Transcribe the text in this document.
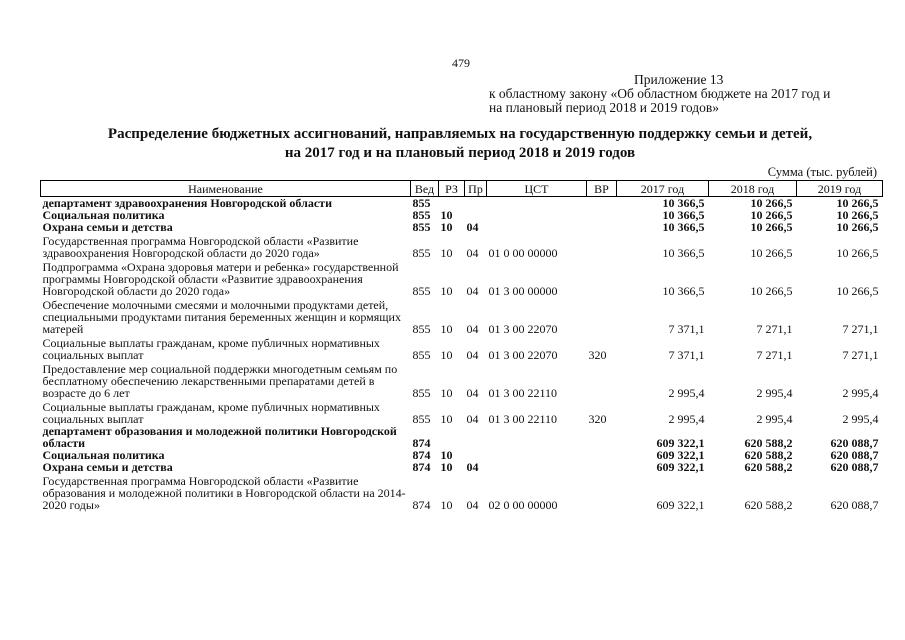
479
Приложение 13
к областному закону «Об областном бюджете на 2017 год и
на плановый период 2018 и 2019 годов»
Распределение бюджетных ассигнований, направляемых на государственную поддержку семьи и детей,
на 2017 год и на плановый период 2018 и 2019 годов
Сумма (тыс. рублей)
Наименование	Вед	РЗ	Пр	ЦСТ	ВР	2017 год	2018 год	2019 год
департамент здравоохранения Новгородской области	855					10 366,5	10 266,5	10 266,5
Социальная политика	855	10				10 366,5	10 266,5	10 266,5
Охрана семьи и детства	855	10	04			10 366,5	10 266,5	10 266,5
Государственная программа Новгородской области «Развитие здравоохранения Новгородской области до 2020 года»	855	10	04	01 0 00 00000		10 366,5	10 266,5	10 266,5
Подпрограмма «Охрана здоровья матери и ребенка» государственной программы Новгородской области «Развитие здравоохранения Новгородской области до 2020 года»	855	10	04	01 3 00 00000		10 366,5	10 266,5	10 266,5
Обеспечение молочными смесями и молочными продуктами детей, специальными продуктами питания беременных женщин и кормящих матерей	855	10	04	01 3 00 22070		7 371,1	7 271,1	7 271,1
Социальные выплаты гражданам, кроме публичных нормативных социальных выплат	855	10	04	01 3 00 22070	320	7 371,1	7 271,1	7 271,1
Предоставление мер социальной поддержки многодетным семьям по бесплатному обеспечению лекарственными препаратами детей в возрасте до 6 лет	855	10	04	01 3 00 22110		2 995,4	2 995,4	2 995,4
Социальные выплаты гражданам, кроме публичных нормативных социальных выплат	855	10	04	01 3 00 22110	320	2 995,4	2 995,4	2 995,4
департамент образования и молодежной политики Новгородской области	874					609 322,1	620 588,2	620 088,7
Социальная политика	874	10				609 322,1	620 588,2	620 088,7
Охрана семьи и детства	874	10	04			609 322,1	620 588,2	620 088,7
Государственная программа Новгородской области «Развитие образования и молодежной политики в Новгородской области на 2014-2020 годы»	874	10	04	02 0 00 00000		609 322,1	620 588,2	620 088,7
